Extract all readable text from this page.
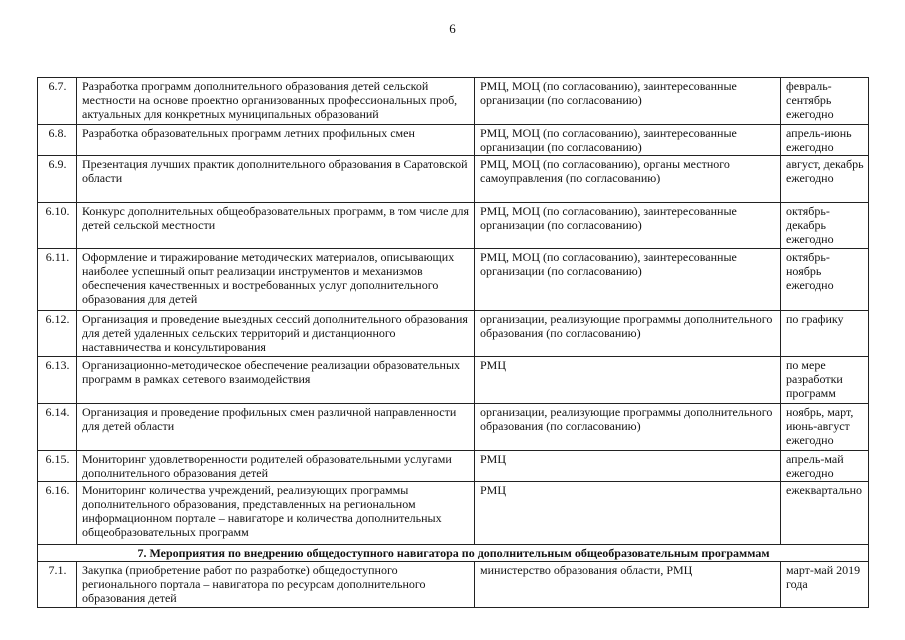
6
6.7.	Разработка программ дополнительного образования детей сельской местности на основе проектно организованных профессиональных проб, актуальных для конкретных муниципальных образований	РМЦ, МОЦ (по согласованию), заинтересованные организации (по согласованию)	февраль-сентябрь ежегодно
6.8.	Разработка образовательных программ летних профильных смен	РМЦ, МОЦ (по согласованию), заинтересованные организации (по согласованию)	апрель-июнь ежегодно
6.9.	Презентация лучших практик дополнительного образования в Саратовской области	РМЦ, МОЦ (по согласованию), органы местного самоуправления (по согласованию)	август, декабрь ежегодно
6.10.	Конкурс дополнительных общеобразовательных программ, в том числе для детей сельской местности	РМЦ, МОЦ (по согласованию), заинтересованные организации (по согласованию)	октябрь-декабрь ежегодно
6.11.	Оформление и тиражирование методических материалов, описывающих наиболее успешный опыт реализации инструментов и механизмов обеспечения качественных и востребованных услуг дополнительного образования для детей	РМЦ, МОЦ (по согласованию), заинтересованные организации (по согласованию)	октябрь-ноябрь ежегодно
6.12.	Организация и проведение выездных сессий дополнительного образования для детей удаленных сельских территорий и дистанционного наставничества и консультирования	организации, реализующие программы дополнительного образования (по согласованию)	по графику
6.13.	Организационно-методическое обеспечение реализации образовательных программ в рамках сетевого взаимодействия	РМЦ	по мере разработки программ
6.14.	Организация и проведение профильных смен различной направленности для детей области	организации, реализующие программы дополнительного образования (по согласованию)	ноябрь, март, июнь-август ежегодно
6.15.	Мониторинг удовлетворенности родителей образовательными услугами дополнительного образования детей	РМЦ	апрель-май ежегодно
6.16.	Мониторинг количества учреждений, реализующих программы дополнительного образования, представленных на региональном информационном портале – навигаторе и количества дополнительных общеобразовательных программ	РМЦ	ежеквартально
7. Мероприятия по внедрению общедоступного навигатора по дополнительным общеобразовательным программам			
7.1.	Закупка (приобретение работ по разработке) общедоступного регионального портала – навигатора по ресурсам дополнительного образования детей	министерство образования области, РМЦ	март-май 2019 года
